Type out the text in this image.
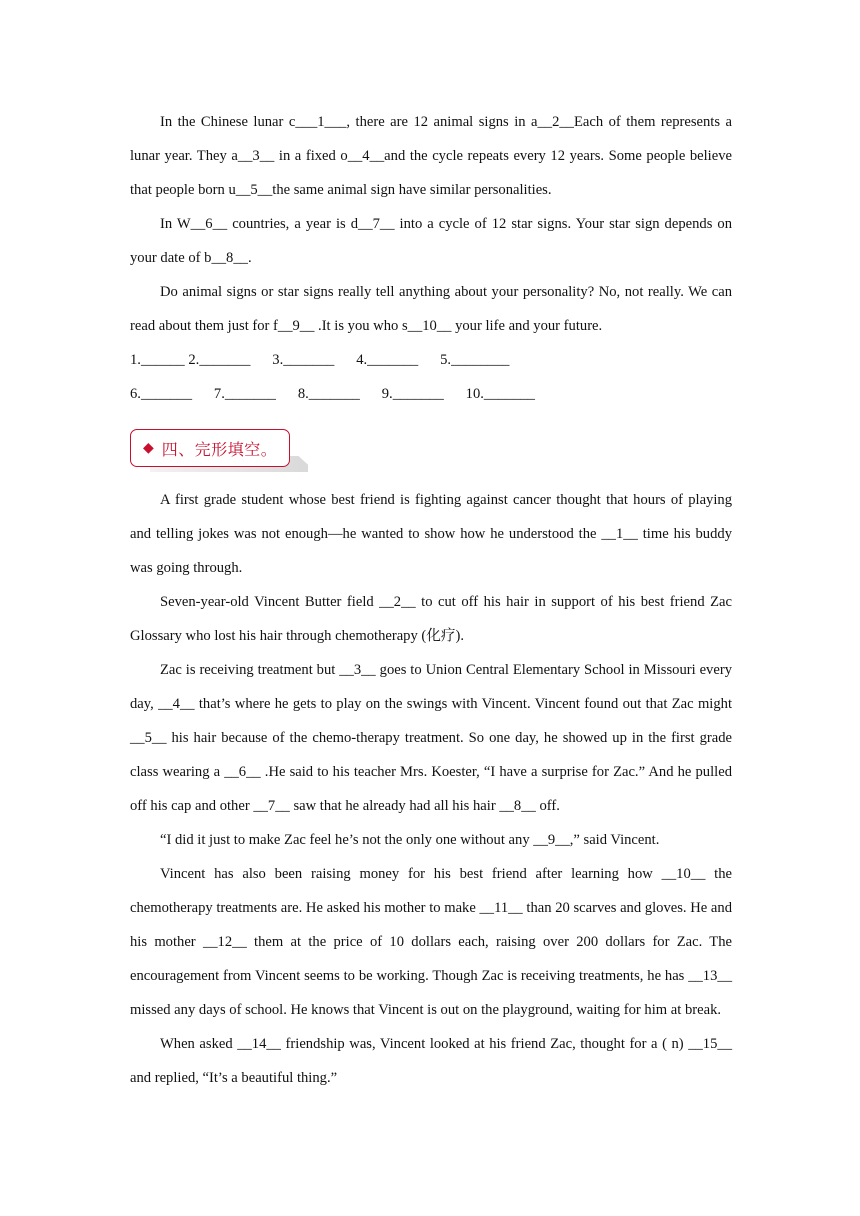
In the Chinese lunar c___1___, there are 12 animal signs in a__2__Each of them represents a lunar year. They a__3__ in a fixed o__4__and the cycle repeats every 12 years. Some people believe that people born u__5__the same animal sign have similar personalities.

In W__6__ countries, a year is d__7__ into a cycle of 12 star signs. Your star sign depends on your date of b__8__.

Do animal signs or star signs really tell anything about your personality? No, not really. We can read about them just for f__9__ .It is you who s__10__ your life and your future.

1.______ 2._______      3._______      4._______      5.________

6._______      7._______      8._______      9._______      10._______

◆ 四、完形填空。

A first grade student whose best friend is fighting against cancer thought that hours of playing and telling jokes was not enough—he wanted to show how he understood the __1__ time his buddy was going through.

Seven-year-old Vincent Butter field __2__ to cut off his hair in support of his best friend Zac Glossary who lost his hair through chemotherapy (化疗).

Zac is receiving treatment but __3__ goes to Union Central Elementary School in Missouri every day, __4__ that’s where he gets to play on the swings with Vincent. Vincent found out that Zac might __5__ his hair because of the chemo-therapy treatment. So one day, he showed up in the first grade class wearing a __6__ .He said to his teacher Mrs. Koester, “I have a surprise for Zac.” And he pulled off his cap and other __7__ saw that he already had all his hair __8__ off.

“I did it just to make Zac feel he’s not the only one without any __9__,” said Vincent.

Vincent has also been raising money for his best friend after learning how __10__ the chemotherapy treatments are. He asked his mother to make __11__ than 20 scarves and gloves. He and his mother __12__ them at the price of 10 dollars each, raising over 200 dollars for Zac. The encouragement from Vincent seems to be working. Though Zac is receiving treatments, he has __13__ missed any days of school. He knows that Vincent is out on the playground, waiting for him at break.

When asked __14__ friendship was, Vincent looked at his friend Zac, thought for a ( n) __15__ and replied, “It’s a beautiful thing.”
